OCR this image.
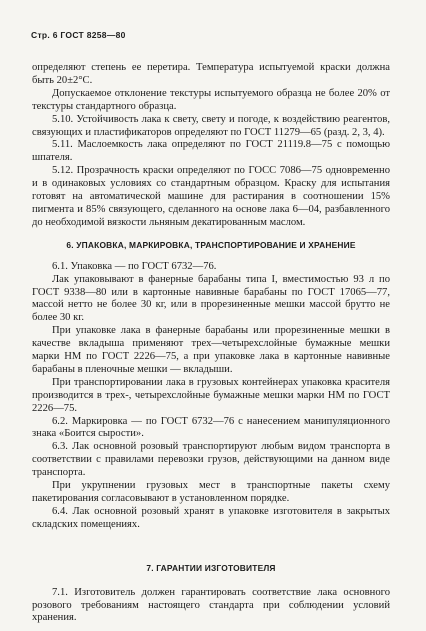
Стр. 6 ГОСТ 8258—80

определяют степень ее перетира. Температура испытуемой краски должна быть 20±2°С.

Допускаемое отклонение текстуры испытуемого образца не более 20% от текстуры стандартного образца.

5.10. Устойчивость лака к свету, свету и погоде, к воздействию реагентов, связующих и пластификаторов определяют по ГОСТ 11279—65 (разд. 2, 3, 4).

5.11. Маслоемкость лака определяют по ГОСТ 21119.8—75 с помощью шпателя.

5.12. Прозрачность краски определяют по ГОСС 7086—75 одновременно и в одинаковых условиях со стандартным образцом. Краску для испытания готовят на автоматической машине для растирания в соотношении 15% пигмента и 85% связующего, сделанного на основе лака 6—04, разбавленного до необходимой вязкости льняным декатированным маслом.

6. УПАКОВКА, МАРКИРОВКА, ТРАНСПОРТИРОВАНИЕ И ХРАНЕНИЕ

6.1. Упаковка — по ГОСТ 6732—76.

Лак упаковывают в фанерные барабаны типа I, вместимостью 93 л по ГОСТ 9338—80 или в картонные навивные барабаны по ГОСТ 17065—77, массой нетто не более 30 кг, или в прорезиненные мешки массой брутто не более 30 кг.

При упаковке лака в фанерные барабаны или прорезиненные мешки в качестве вкладыша применяют трех—четырехслойные бумажные мешки марки НМ по ГОСТ 2226—75, а при упаковке лака в картонные навивные барабаны в пленочные мешки — вкладыши.

При транспортировании лака в грузовых контейнерах упаковка красителя производится в трех-, четырехслойные бумажные мешки марки НМ по ГОСТ 2226—75.

6.2. Маркировка — по ГОСТ 6732—76 с нанесением манипуляционного знака «Боится сырости».

6.3. Лак основной розовый транспортируют любым видом транспорта в соответствии с правилами перевозки грузов, действующими на данном виде транспорта.

При укрупнении грузовых мест в транспортные пакеты схему пакетирования согласовывают в установленном порядке.

6.4. Лак основной розовый хранят в упаковке изготовителя в закрытых складских помещениях.

7. ГАРАНТИИ ИЗГОТОВИТЕЛЯ

7.1. Изготовитель должен гарантировать соответствие лака основного розового требованиям настоящего стандарта при соблюдении условий хранения.
